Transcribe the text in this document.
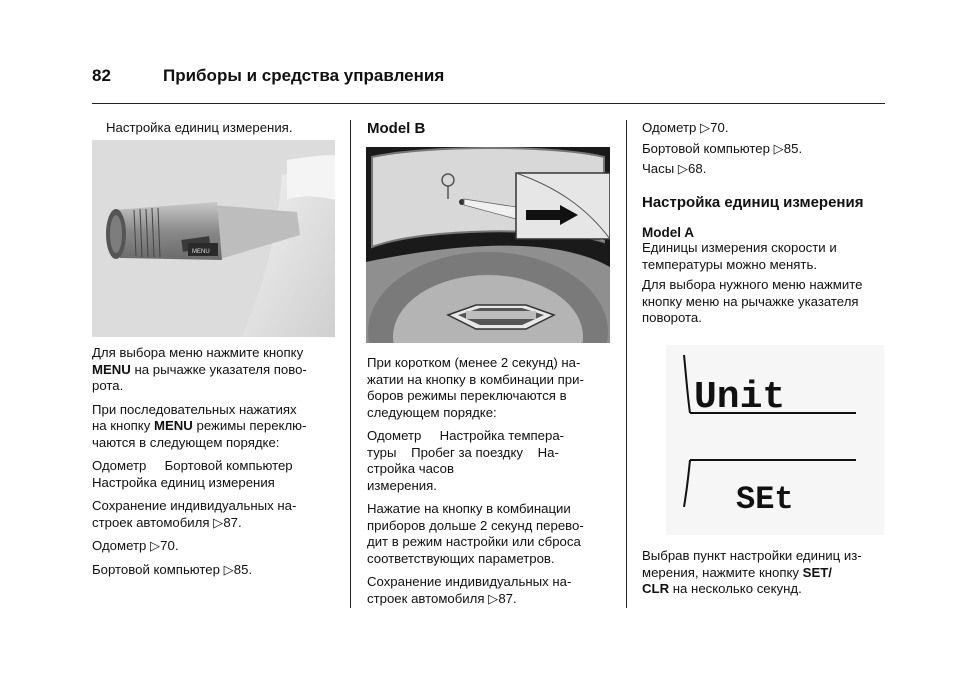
82	Приборы и средства управления

Настройка единиц измерения.

MENU

Для выбора меню нажмите кнопку
MENU на рычажке указателя пово-
рота.

При последовательных нажатиях
на кнопку MENU режимы переклю-
чаются в следующем порядке:

Одометр     Бортовой компьютер
Настройка единиц измерения

Сохранение индивидуальных на-
строек автомобиля ▷87.

Одометр ▷70.

Бортовой компьютер ▷85.

Model B

При коротком (менее 2 секунд) на-
жатии на кнопку в комбинации при-
боров режимы переключаются в
следующем порядке:

Одометр     Настройка темпера-
туры    Пробег за поездку    На-
стройка часов
измерения.

Нажатие на кнопку в комбинации
приборов дольше 2 секунд перево-
дит в режим настройки или сброса
соответствующих параметров.

Сохранение индивидуальных на-
строек автомобиля ▷87.

Одометр ▷70.

Бортовой компьютер ▷85.

Часы ▷68.

Настройка единиц измерения
Model A

Единицы измерения скорости и
температуры можно менять.

Для выбора нужного меню нажмите
кнопку меню на рычажке указателя
поворота.

Unit
SEt

Выбрав пункт настройки единиц из-
мерения, нажмите кнопку SET/
CLR на несколько секунд.
